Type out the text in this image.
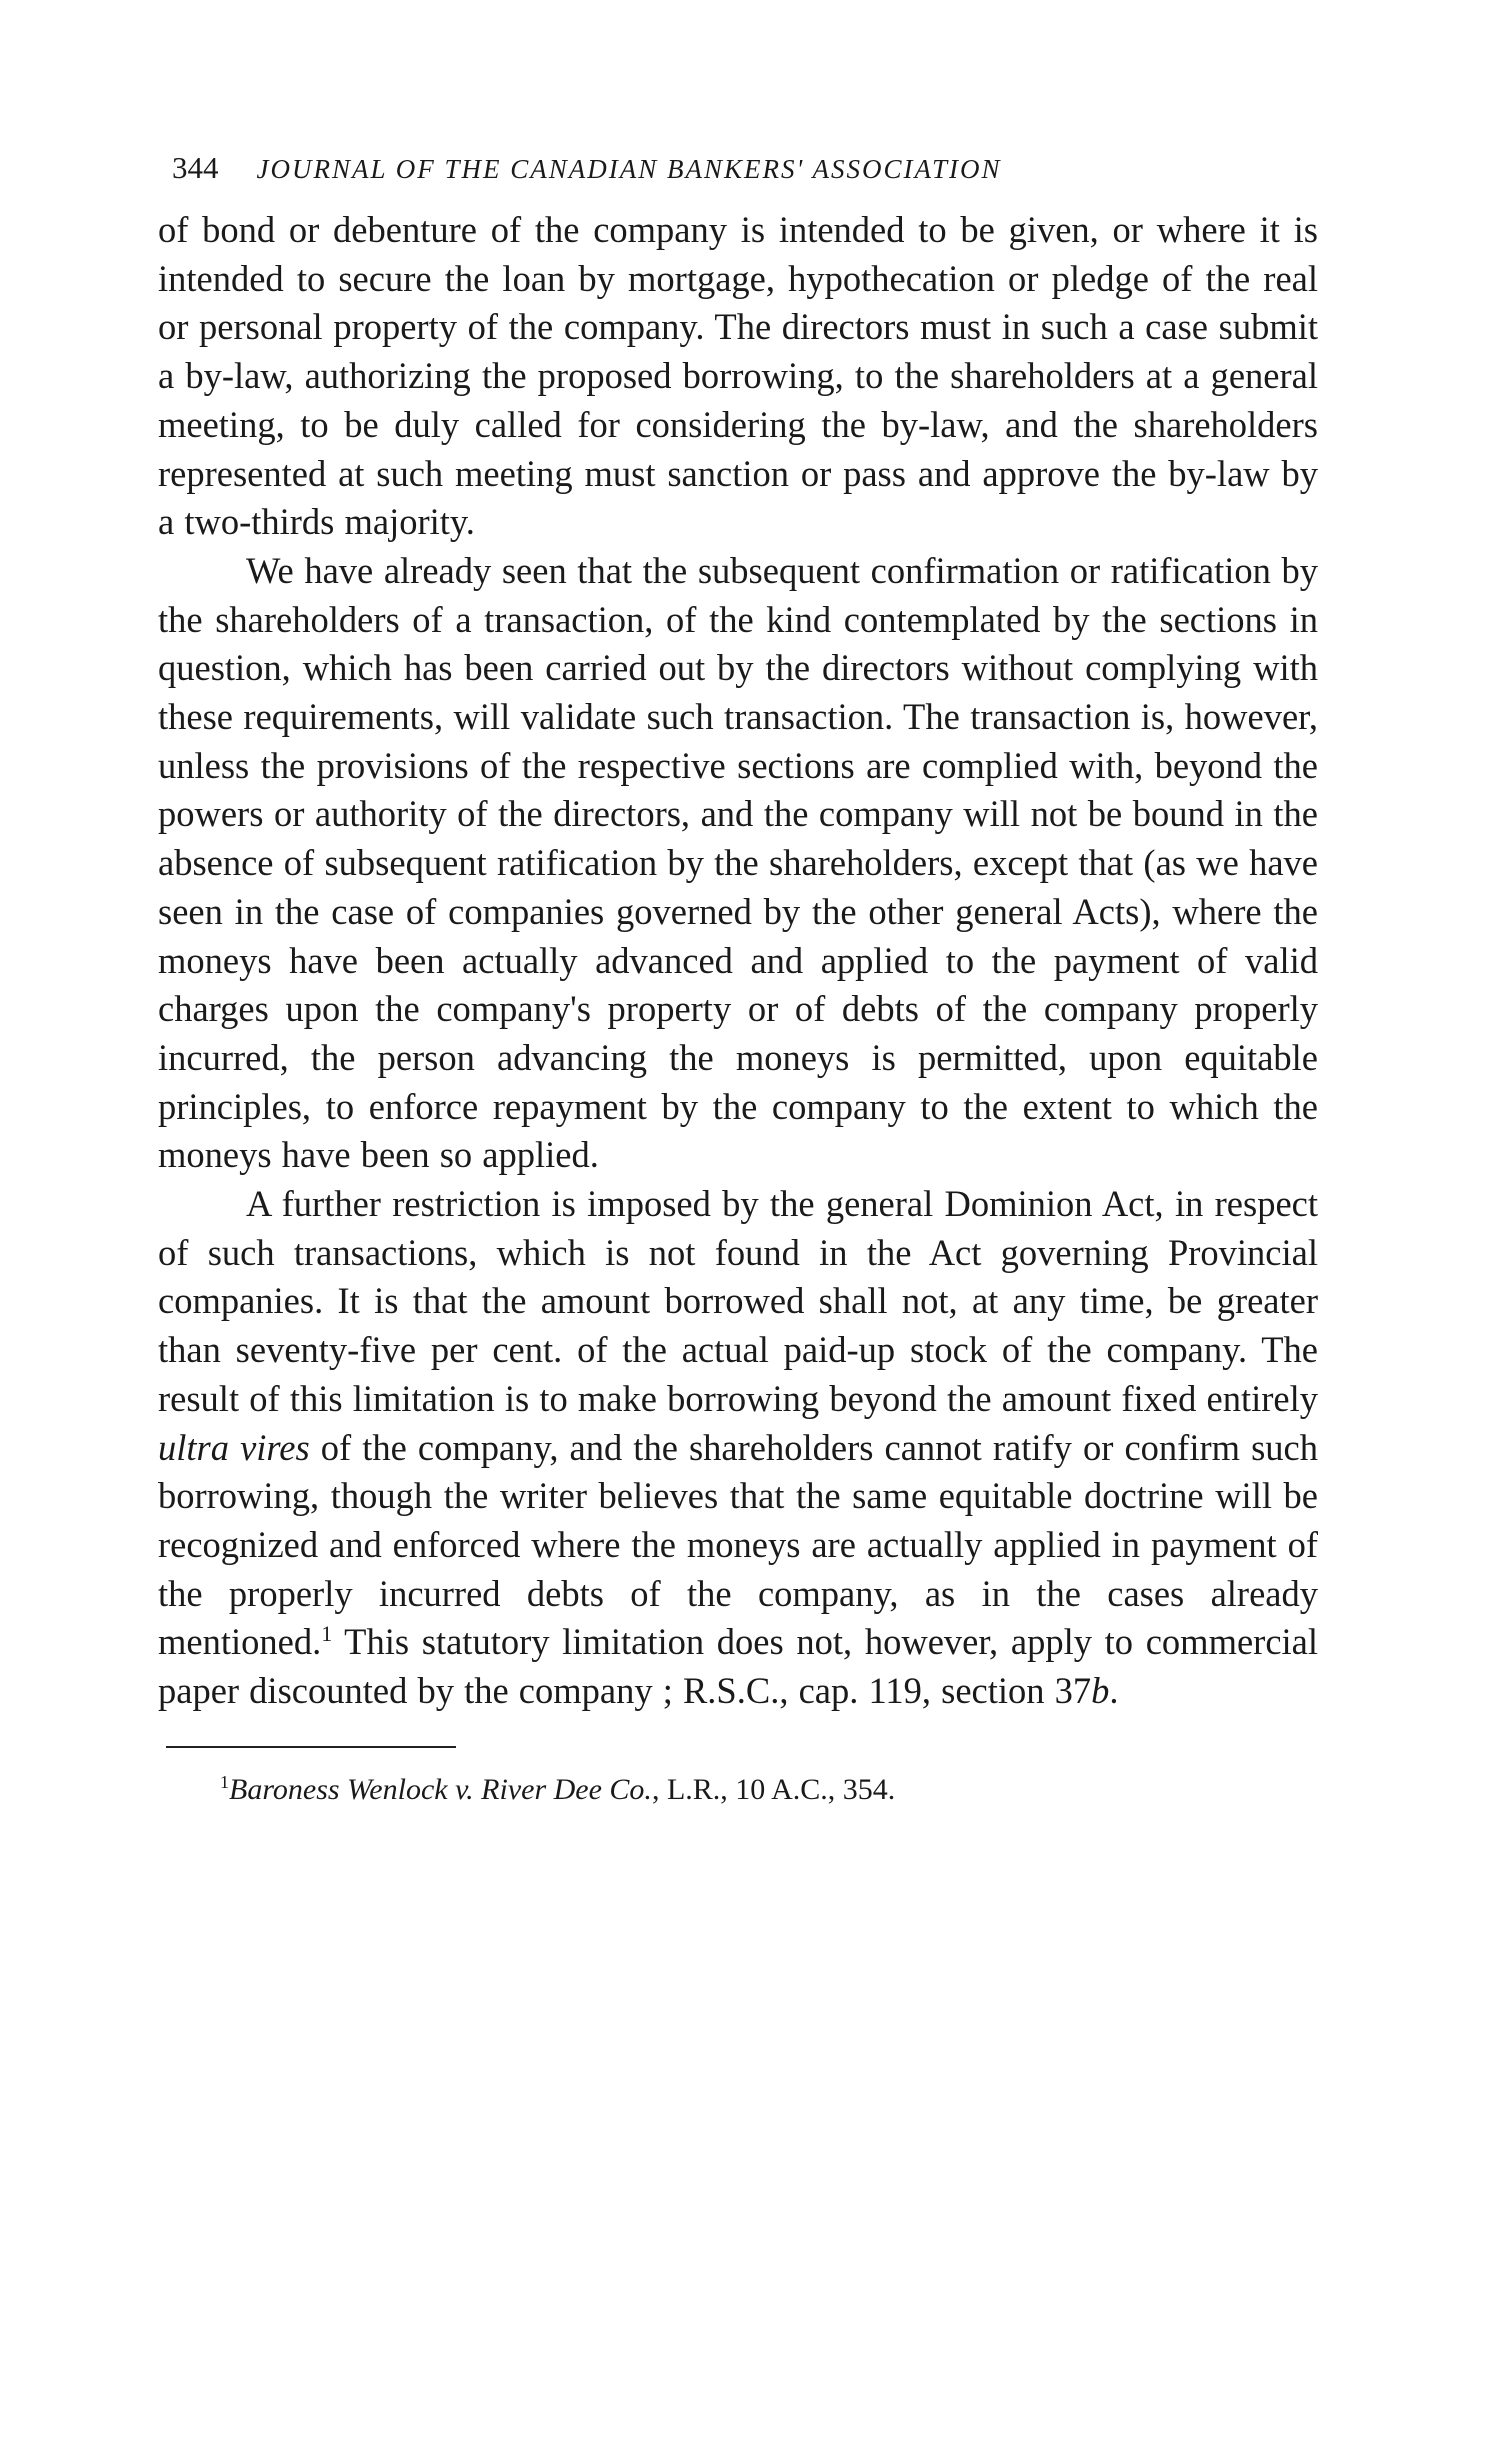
344 JOURNAL OF THE CANADIAN BANKERS' ASSOCIATION

of bond or debenture of the company is intended to be given, or where it is intended to secure the loan by mortgage, hypothecation or pledge of the real or personal property of the company. The directors must in such a case submit a by-law, authorizing the proposed borrowing, to the shareholders at a general meeting, to be duly called for considering the by-law, and the shareholders represented at such meeting must sanction or pass and approve the by-law by a two-thirds majority.

We have already seen that the subsequent confirmation or ratification by the shareholders of a transaction, of the kind contemplated by the sections in question, which has been carried out by the directors without complying with these requirements, will validate such transaction. The transaction is, however, unless the provisions of the respective sections are complied with, beyond the powers or authority of the directors, and the company will not be bound in the absence of subsequent ratification by the shareholders, except that (as we have seen in the case of companies governed by the other general Acts), where the moneys have been actually advanced and applied to the payment of valid charges upon the company's property or of debts of the company properly incurred, the person advancing the moneys is permitted, upon equitable principles, to enforce repayment by the company to the extent to which the moneys have been so applied.

A further restriction is imposed by the general Dominion Act, in respect of such transactions, which is not found in the Act governing Provincial companies. It is that the amount borrowed shall not, at any time, be greater than seventy-five per cent. of the actual paid-up stock of the company. The result of this limitation is to make borrowing beyond the amount fixed entirely ultra vires of the company, and the shareholders cannot ratify or confirm such borrowing, though the writer believes that the same equitable doctrine will be recognized and enforced where the moneys are actually applied in payment of the properly incurred debts of the company, as in the cases already mentioned.$^1$ This statutory limitation does not, however, apply to commercial paper discounted by the company ; R.S.C., cap. 119, section 37b.

$^1$Baroness Wenlock v. River Dee Co., L.R., 10 A.C., 354.
